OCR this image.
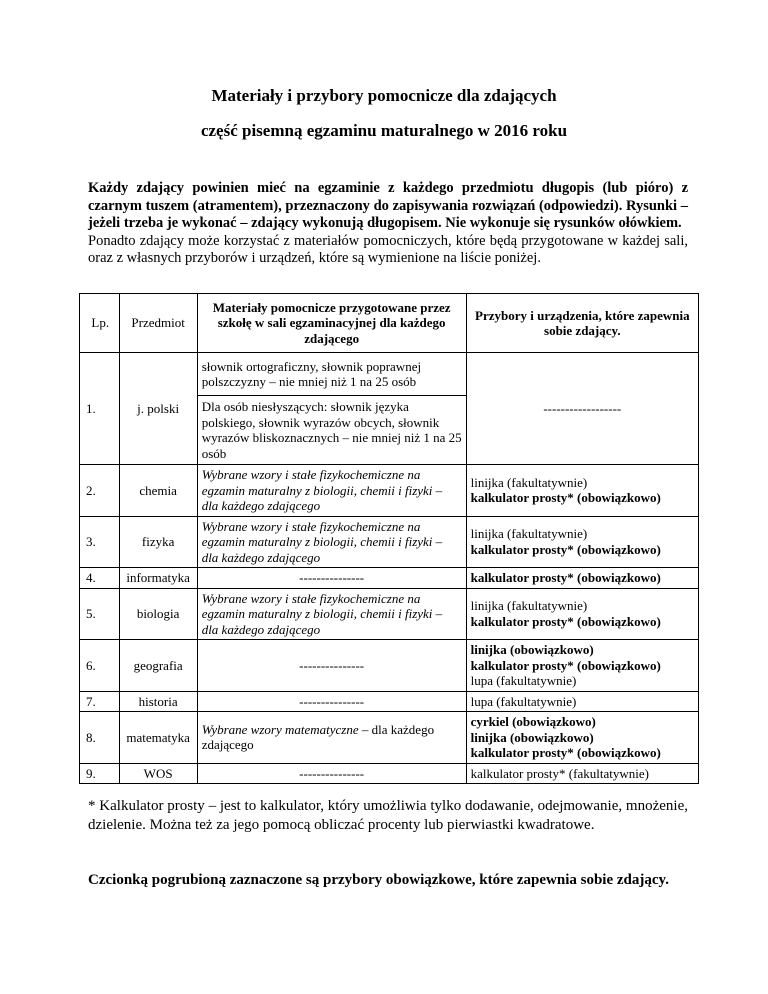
Materiały i przybory pomocnicze dla zdających
część pisemną egzaminu maturalnego w 2016 roku
Każdy zdający powinien mieć na egzaminie z każdego przedmiotu długopis (lub pióro) z czarnym tuszem (atramentem), przeznaczony do zapisywania rozwiązań (odpowiedzi). Rysunki – jeżeli trzeba je wykonać – zdający wykonują długopisem. Nie wykonuje się rysunków ołówkiem.
Ponadto zdający może korzystać z materiałów pomocniczych, które będą przygotowane w każdej sali, oraz z własnych przyborów i urządzeń, które są wymienione na liście poniżej.
Lp.	Przedmiot	Materiały pomocnicze przygotowane przez szkołę w sali egzaminacyjnej dla każdego zdającego	Przybory i urządzenia, które zapewnia sobie zdający.
1.	j. polski	słownik ortograficzny, słownik poprawnej polszczyzny – nie mniej niż 1 na 25 osób	------------------
		Dla osób niesłyszących: słownik języka polskiego, słownik wyrazów obcych, słownik wyrazów bliskoznacznych – nie mniej niż 1 na 25 osób	
2.	chemia	Wybrane wzory i stałe fizykochemiczne na egzamin maturalny z biologii, chemii i fizyki – dla każdego zdającego	linijka (fakultatywnie)
kalkulator prosty* (obowiązkowo)

3.	fizyka	Wybrane wzory i stałe fizykochemiczne na egzamin maturalny z biologii, chemii i fizyki – dla każdego zdającego	linijka (fakultatywnie)
kalkulator prosty* (obowiązkowo)

4.	informatyka	---------------	kalkulator prosty* (obowiązkowo)
5.	biologia	Wybrane wzory i stałe fizykochemiczne na egzamin maturalny z biologii, chemii i fizyki – dla każdego zdającego	linijka (fakultatywnie)
kalkulator prosty* (obowiązkowo)

6.	geografia	---------------	linijka (obowiązkowo)
kalkulator prosty* (obowiązkowo)
lupa (fakultatywnie)

7.	historia	---------------	lupa (fakultatywnie)
8.	matematyka	Wybrane wzory matematyczne – dla każdego zdającego	cyrkiel (obowiązkowo)
linijka (obowiązkowo)
kalkulator prosty* (obowiązkowo)

9.	WOS	---------------	kalkulator prosty* (fakultatywnie)
* Kalkulator prosty – jest to kalkulator, który umożliwia tylko dodawanie, odejmowanie, mnożenie, dzielenie. Można też za jego pomocą obliczać procenty lub pierwiastki kwadratowe.
Czcionką pogrubioną zaznaczone są przybory obowiązkowe, które zapewnia sobie zdający.
